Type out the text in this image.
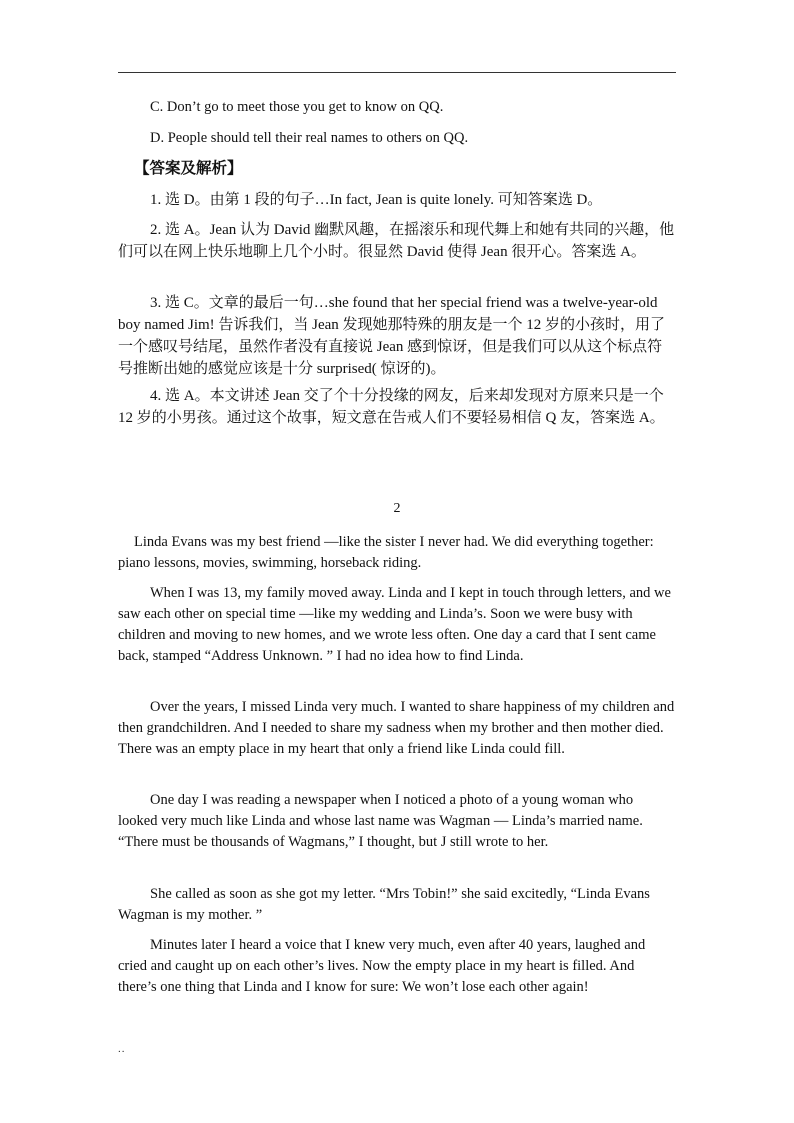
C. Don’t go to meet those you get to know on QQ.

D. People should tell their real names to others on QQ.

【答案及解析】

1. 选 D。由第 1 段的句子…In fact, Jean is quite lonely. 可知答案选 D。

2. 选 A。Jean 认为 David 幽默风趣，在摇滚乐和现代舞上和她有共同的兴趣，他们可以在网上快乐地聊上几个小时。很显然 David 使得 Jean 很开心。答案选 A。

3. 选 C。文章的最后一句…she found that her special friend was a twelve-year-old boy named Jim! 告诉我们，当 Jean 发现她那特殊的朋友是一个 12 岁的小孩时，用了一个感叹号结尾，虽然作者没有直接说 Jean 感到惊讶，但是我们可以从这个标点符号推断出她的感觉应该是十分 surprised( 惊讶的)。

4. 选 A。本文讲述 Jean 交了个十分投缘的网友，后来却发现对方原来只是一个 12 岁的小男孩。通过这个故事，短文意在告戒人们不要轻易相信 Q 友，答案选 A。

2

Linda Evans was my best friend —like the sister I never had. We did everything together: piano lessons, movies, swimming, horseback riding.

When I was 13, my family moved away. Linda and I kept in touch through letters, and we saw each other on special time —like my wedding and Linda’s. Soon we were busy with children and moving to new homes, and we wrote less often. One day a card that I sent came back, stamped “Address Unknown. ” I had no idea how to find Linda.

Over the years, I missed Linda very much. I wanted to share happiness of my children and then grandchildren. And I needed to share my sadness when my brother and then mother died. There was an empty place in my heart that only a friend like Linda could fill.

One day I was reading a newspaper when I noticed a photo of a young woman who looked very much like Linda and whose last name was Wagman — Linda’s married name. “There must be thousands of Wagmans,” I thought, but J still wrote to her.

She called as soon as she got my letter. “Mrs Tobin!” she said excitedly, “Linda Evans Wagman is my mother. ”

Minutes later I heard a voice that I knew very much, even after 40 years, laughed and cried and caught up on each other’s lives. Now the empty place in my heart is filled. And there’s one thing that Linda and I know for sure: We won’t lose each other again!

..
